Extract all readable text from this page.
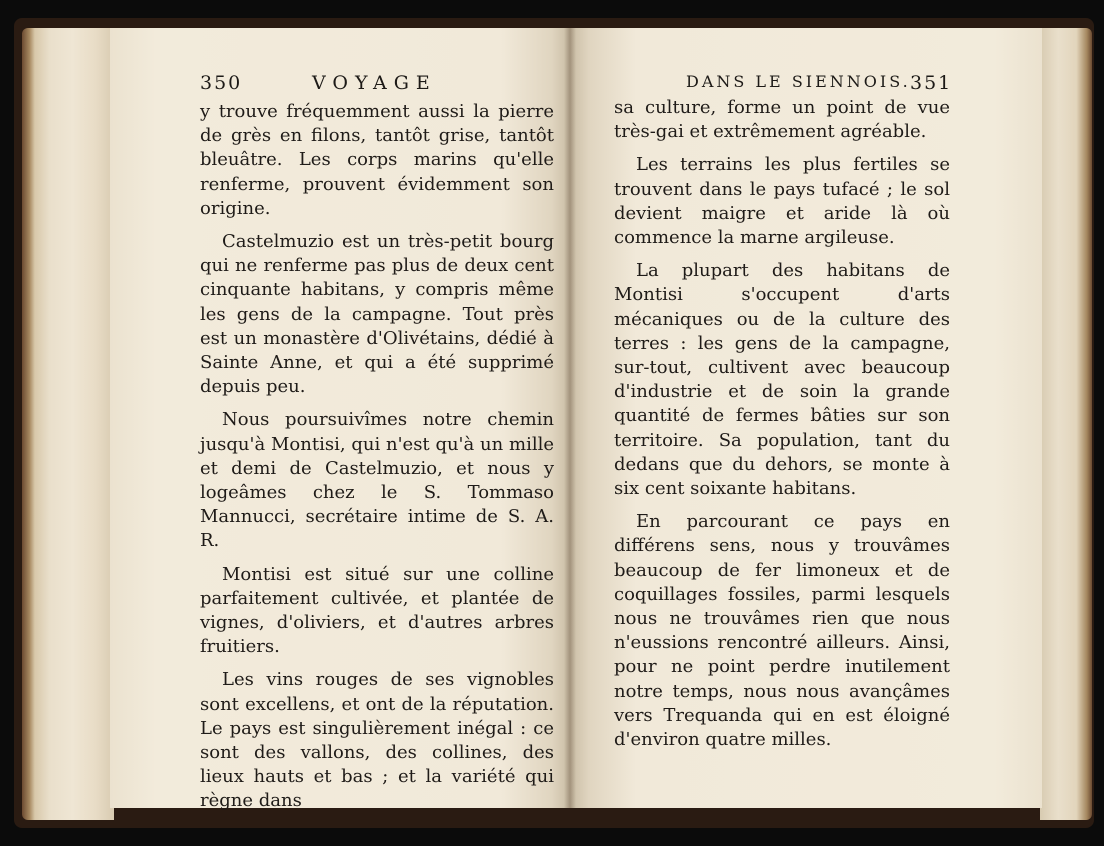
350	VOYAGE

y trouve fréquemment aussi la pierre de grès en filons, tantôt grise, tantôt bleuâtre. Les corps marins qu'elle renferme, prouvent évidemment son origine.

Castelmuzio est un très-petit bourg qui ne renferme pas plus de deux cent cinquante habitans, y compris même les gens de la campagne. Tout près est un monastère d'Olivétains, dédié à Sainte Anne, et qui a été supprimé depuis peu.

Nous poursuivîmes notre chemin jusqu'à Montisi, qui n'est qu'à un mille et demi de Castelmuzio, et nous y logeâmes chez le S. Tommaso Mannucci, secrétaire intime de S. A. R.

Montisi est situé sur une colline parfaitement cultivée, et plantée de vignes, d'oliviers, et d'autres arbres fruitiers.

Les vins rouges de ses vignobles sont excellens, et ont de la réputation. Le pays est singulièrement inégal : ce sont des vallons, des collines, des lieux hauts et bas ; et la variété qui règne dans

DANS LE SIENNOIS. 351

sa culture, forme un point de vue très-gai et extrêmement agréable.

Les terrains les plus fertiles se trouvent dans le pays tufacé ; le sol devient maigre et aride là où commence la marne argileuse.

La plupart des habitans de Montisi s'occupent d'arts mécaniques ou de la culture des terres : les gens de la campagne, sur-tout, cultivent avec beaucoup d'industrie et de soin la grande quantité de fermes bâties sur son territoire. Sa population, tant du dedans que du dehors, se monte à six cent soixante habitans.

En parcourant ce pays en différens sens, nous y trouvâmes beaucoup de fer limoneux et de coquillages fossiles, parmi lesquels nous ne trouvâmes rien que nous n'eussions rencontré ailleurs. Ainsi, pour ne point perdre inutilement notre temps, nous nous avançâmes vers Trequanda qui en est éloigné d'environ quatre milles.
